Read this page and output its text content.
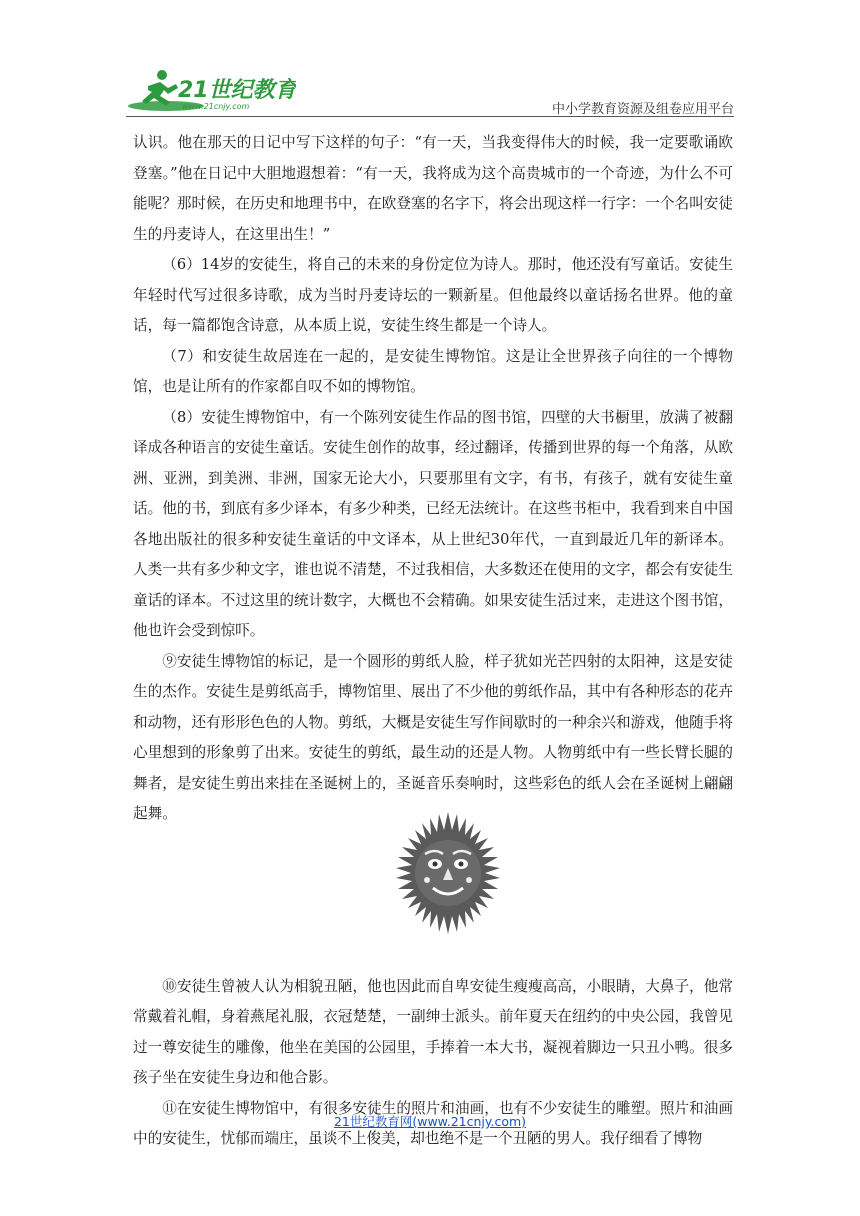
21世纪教育
www.21cnjy.com	中小学教育资源及组卷应用平台

认识。他在那天的日记中写下这样的句子：“有一天，当我变得伟大的时候，我一定要歌诵欧登塞。”他在日记中大胆地遐想着：“有一天，我将成为这个高贵城市的一个奇迹，为什么不可能呢？那时候，在历史和地理书中，在欧登塞的名字下，将会出现这样一行字：一个名叫安徒生的丹麦诗人，在这里出生！”

（6）14岁的安徒生，将自己的未来的身份定位为诗人。那时，他还没有写童话。安徒生年轻时代写过很多诗歌，成为当时丹麦诗坛的一颗新星。但他最终以童话扬名世界。他的童话，每一篇都饱含诗意，从本质上说，安徒生终生都是一个诗人。

（7）和安徒生故居连在一起的，是安徒生博物馆。这是让全世界孩子向往的一个博物馆，也是让所有的作家都自叹不如的博物馆。

（8）安徒生博物馆中，有一个陈列安徒生作品的图书馆，四壁的大书橱里，放满了被翻译成各种语言的安徒生童话。安徒生创作的故事，经过翻译，传播到世界的每一个角落，从欧洲、亚洲，到美洲、非洲，国家无论大小，只要那里有文字，有书，有孩子，就有安徒生童话。他的书，到底有多少译本，有多少种类，已经无法统计。在这些书柜中，我看到来自中国各地出版社的很多种安徒生童话的中文译本，从上世纪30年代，一直到最近几年的新译本。人类一共有多少种文字，谁也说不清楚，不过我相信，大多数还在使用的文字，都会有安徒生童话的译本。不过这里的统计数字，大概也不会精确。如果安徒生活过来，走进这个图书馆，他也许会受到惊吓。

⑨安徒生博物馆的标记，是一个圆形的剪纸人脸，样子犹如光芒四射的太阳神，这是安徒生的杰作。安徒生是剪纸高手，博物馆里、展出了不少他的剪纸作品，其中有各种形态的花卉和动物，还有形形色色的人物。剪纸，大概是安徒生写作间歇时的一种余兴和游戏，他随手将心里想到的形象剪了出来。安徒生的剪纸，最生动的还是人物。人物剪纸中有一些长臂长腿的舞者，是安徒生剪出来挂在圣诞树上的，圣诞音乐奏响时，这些彩色的纸人会在圣诞树上翩翩起舞。

⑩安徒生曾被人认为相貌丑陋，他也因此而自卑安徒生瘦瘦高高，小眼睛，大鼻子，他常常戴着礼帽，身着燕尾礼服，衣冠楚楚，一副绅士派头。前年夏天在纽约的中央公园，我曾见过一尊安徒生的雕像，他坐在美国的公园里，手捧着一本大书，凝视着脚边一只丑小鸭。很多孩子坐在安徒生身边和他合影。

⑪在安徒生博物馆中，有很多安徒生的照片和油画，也有不少安徒生的雕塑。照片和油画中的安徒生，忧郁而端庄，虽谈不上俊美，却也绝不是一个丑陋的男人。我仔细看了博物

21世纪教育网(www.21cnjy.com)
